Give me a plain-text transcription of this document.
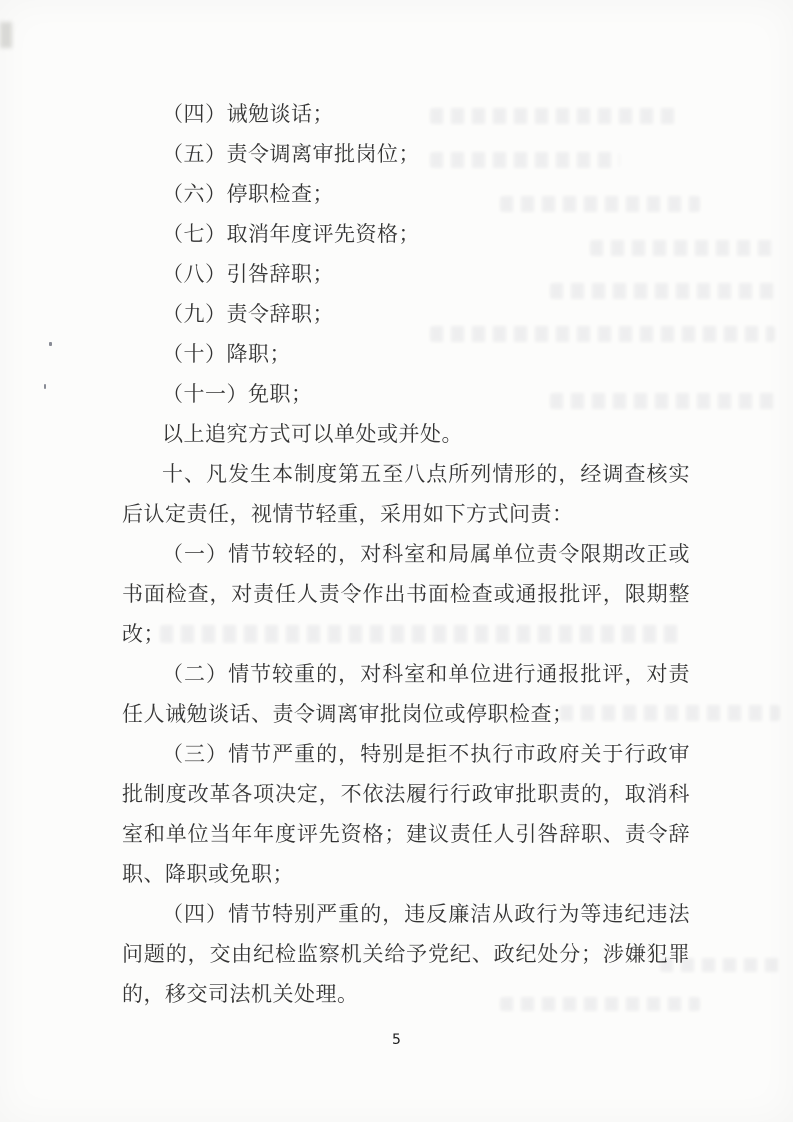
（四）诫勉谈话；
（五）责令调离审批岗位；
（六）停职检查；
（七）取消年度评先资格；
（八）引咎辞职；
（九）责令辞职；
（十）降职；
（十一）免职；
以上追究方式可以单处或并处。
十、凡发生本制度第五至八点所列情形的，经调查核实
后认定责任，视情节轻重，采用如下方式问责：
（一）情节较轻的，对科室和局属单位责令限期改正或
书面检查，对责任人责令作出书面检查或通报批评，限期整
改；
（二）情节较重的，对科室和单位进行通报批评，对责
任人诫勉谈话、责令调离审批岗位或停职检查；
（三）情节严重的，特别是拒不执行市政府关于行政审
批制度改革各项决定，不依法履行行政审批职责的，取消科
室和单位当年年度评先资格；建议责任人引咎辞职、责令辞
职、降职或免职；
（四）情节特别严重的，违反廉洁从政行为等违纪违法
问题的，交由纪检监察机关给予党纪、政纪处分；涉嫌犯罪
的，移交司法机关处理。
5
